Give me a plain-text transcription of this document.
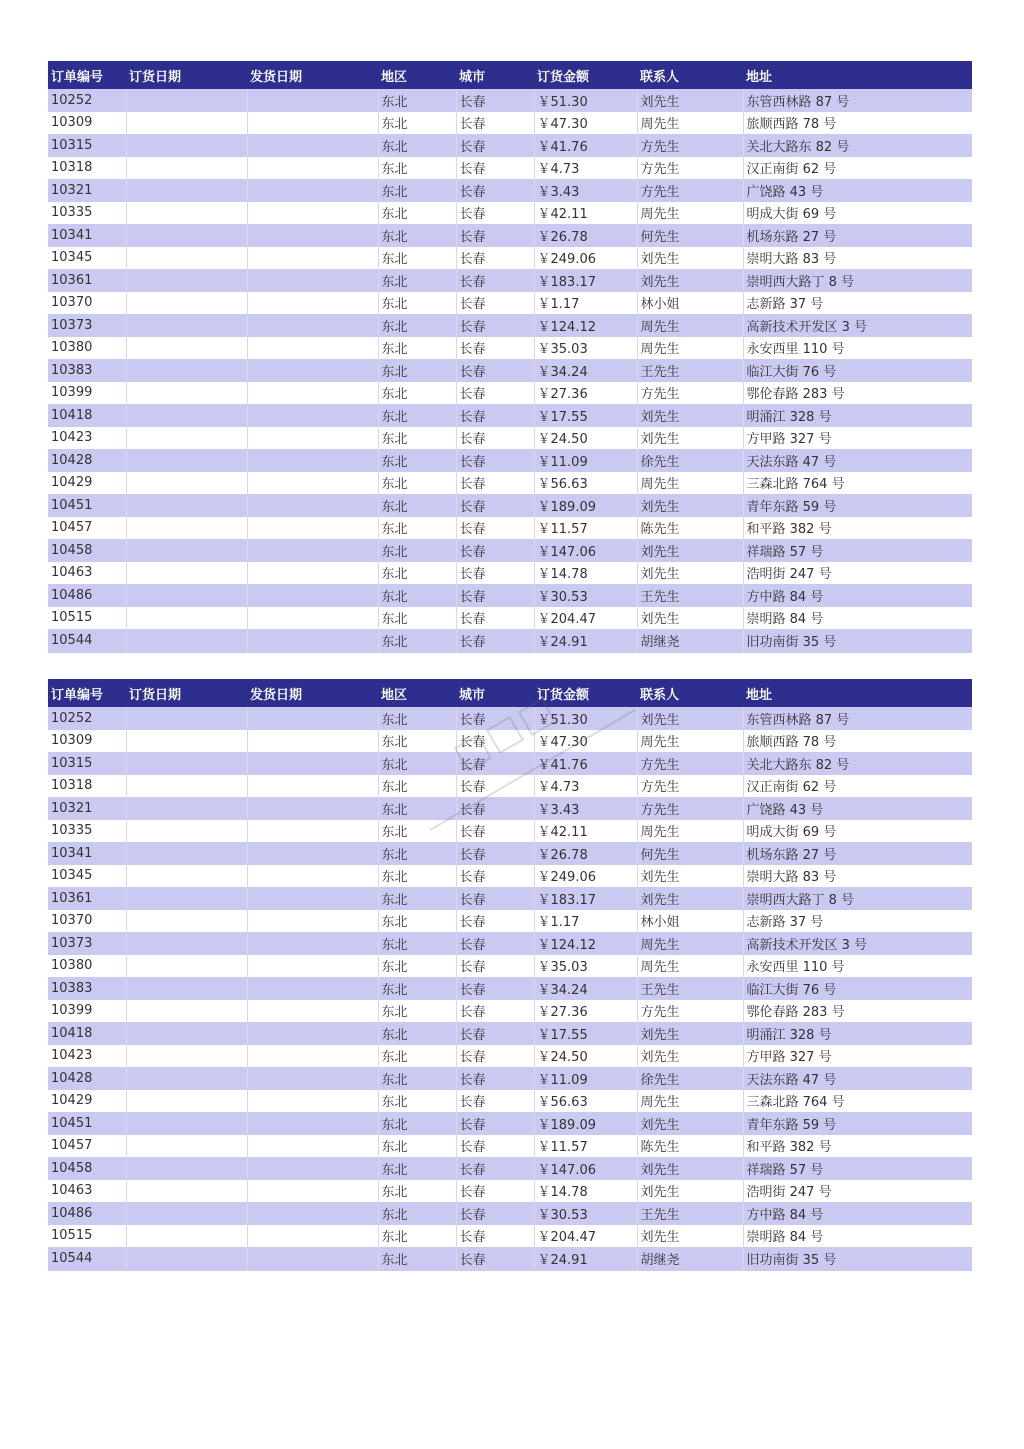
订单编号	订货日期	发货日期	地区	城市	订货金额	联系人	地址
10252			东北	长春	￥51.30	刘先生	东管西林路 87 号
10309			东北	长春	￥47.30	周先生	旅顺西路 78 号
10315			东北	长春	￥41.76	方先生	关北大路东 82 号
10318			东北	长春	￥4.73	方先生	汉正南街 62 号
10321			东北	长春	￥3.43	方先生	广饶路 43 号
10335			东北	长春	￥42.11	周先生	明成大街 69 号
10341			东北	长春	￥26.78	何先生	机场东路 27 号
10345			东北	长春	￥249.06	刘先生	崇明大路 83 号
10361			东北	长春	￥183.17	刘先生	崇明西大路丁 8 号
10370			东北	长春	￥1.17	林小姐	志新路 37 号
10373			东北	长春	￥124.12	周先生	高新技术开发区 3 号
10380			东北	长春	￥35.03	周先生	永安西里 110 号
10383			东北	长春	￥34.24	王先生	临江大街 76 号
10399			东北	长春	￥27.36	方先生	鄂伦春路 283 号
10418			东北	长春	￥17.55	刘先生	明涌江 328 号
10423			东北	长春	￥24.50	刘先生	方甲路 327 号
10428			东北	长春	￥11.09	徐先生	天法东路 47 号
10429			东北	长春	￥56.63	周先生	三森北路 764 号
10451			东北	长春	￥189.09	刘先生	青年东路 59 号
10457			东北	长春	￥11.57	陈先生	和平路 382 号
10458			东北	长春	￥147.06	刘先生	祥瑞路 57 号
10463			东北	长春	￥14.78	刘先生	浩明街 247 号
10486			东北	长春	￥30.53	王先生	方中路 84 号
10515			东北	长春	￥204.47	刘先生	崇明路 84 号
10544			东北	长春	￥24.91	胡继尧	旧功南街 35 号
订单编号	订货日期	发货日期	地区	城市	订货金额	联系人	地址
10252			东北	长春	￥51.30	刘先生	东管西林路 87 号
10309			东北	长春	￥47.30	周先生	旅顺西路 78 号
10315			东北	长春	￥41.76	方先生	关北大路东 82 号
10318			东北	长春	￥4.73	方先生	汉正南街 62 号
10321			东北	长春	￥3.43	方先生	广饶路 43 号
10335			东北	长春	￥42.11	周先生	明成大街 69 号
10341			东北	长春	￥26.78	何先生	机场东路 27 号
10345			东北	长春	￥249.06	刘先生	崇明大路 83 号
10361			东北	长春	￥183.17	刘先生	崇明西大路丁 8 号
10370			东北	长春	￥1.17	林小姐	志新路 37 号
10373			东北	长春	￥124.12	周先生	高新技术开发区 3 号
10380			东北	长春	￥35.03	周先生	永安西里 110 号
10383			东北	长春	￥34.24	王先生	临江大街 76 号
10399			东北	长春	￥27.36	方先生	鄂伦春路 283 号
10418			东北	长春	￥17.55	刘先生	明涌江 328 号
10423			东北	长春	￥24.50	刘先生	方甲路 327 号
10428			东北	长春	￥11.09	徐先生	天法东路 47 号
10429			东北	长春	￥56.63	周先生	三森北路 764 号
10451			东北	长春	￥189.09	刘先生	青年东路 59 号
10457			东北	长春	￥11.57	陈先生	和平路 382 号
10458			东北	长春	￥147.06	刘先生	祥瑞路 57 号
10463			东北	长春	￥14.78	刘先生	浩明街 247 号
10486			东北	长春	￥30.53	王先生	方中路 84 号
10515			东北	长春	￥204.47	刘先生	崇明路 84 号
10544			东北	长春	￥24.91	胡继尧	旧功南街 35 号
